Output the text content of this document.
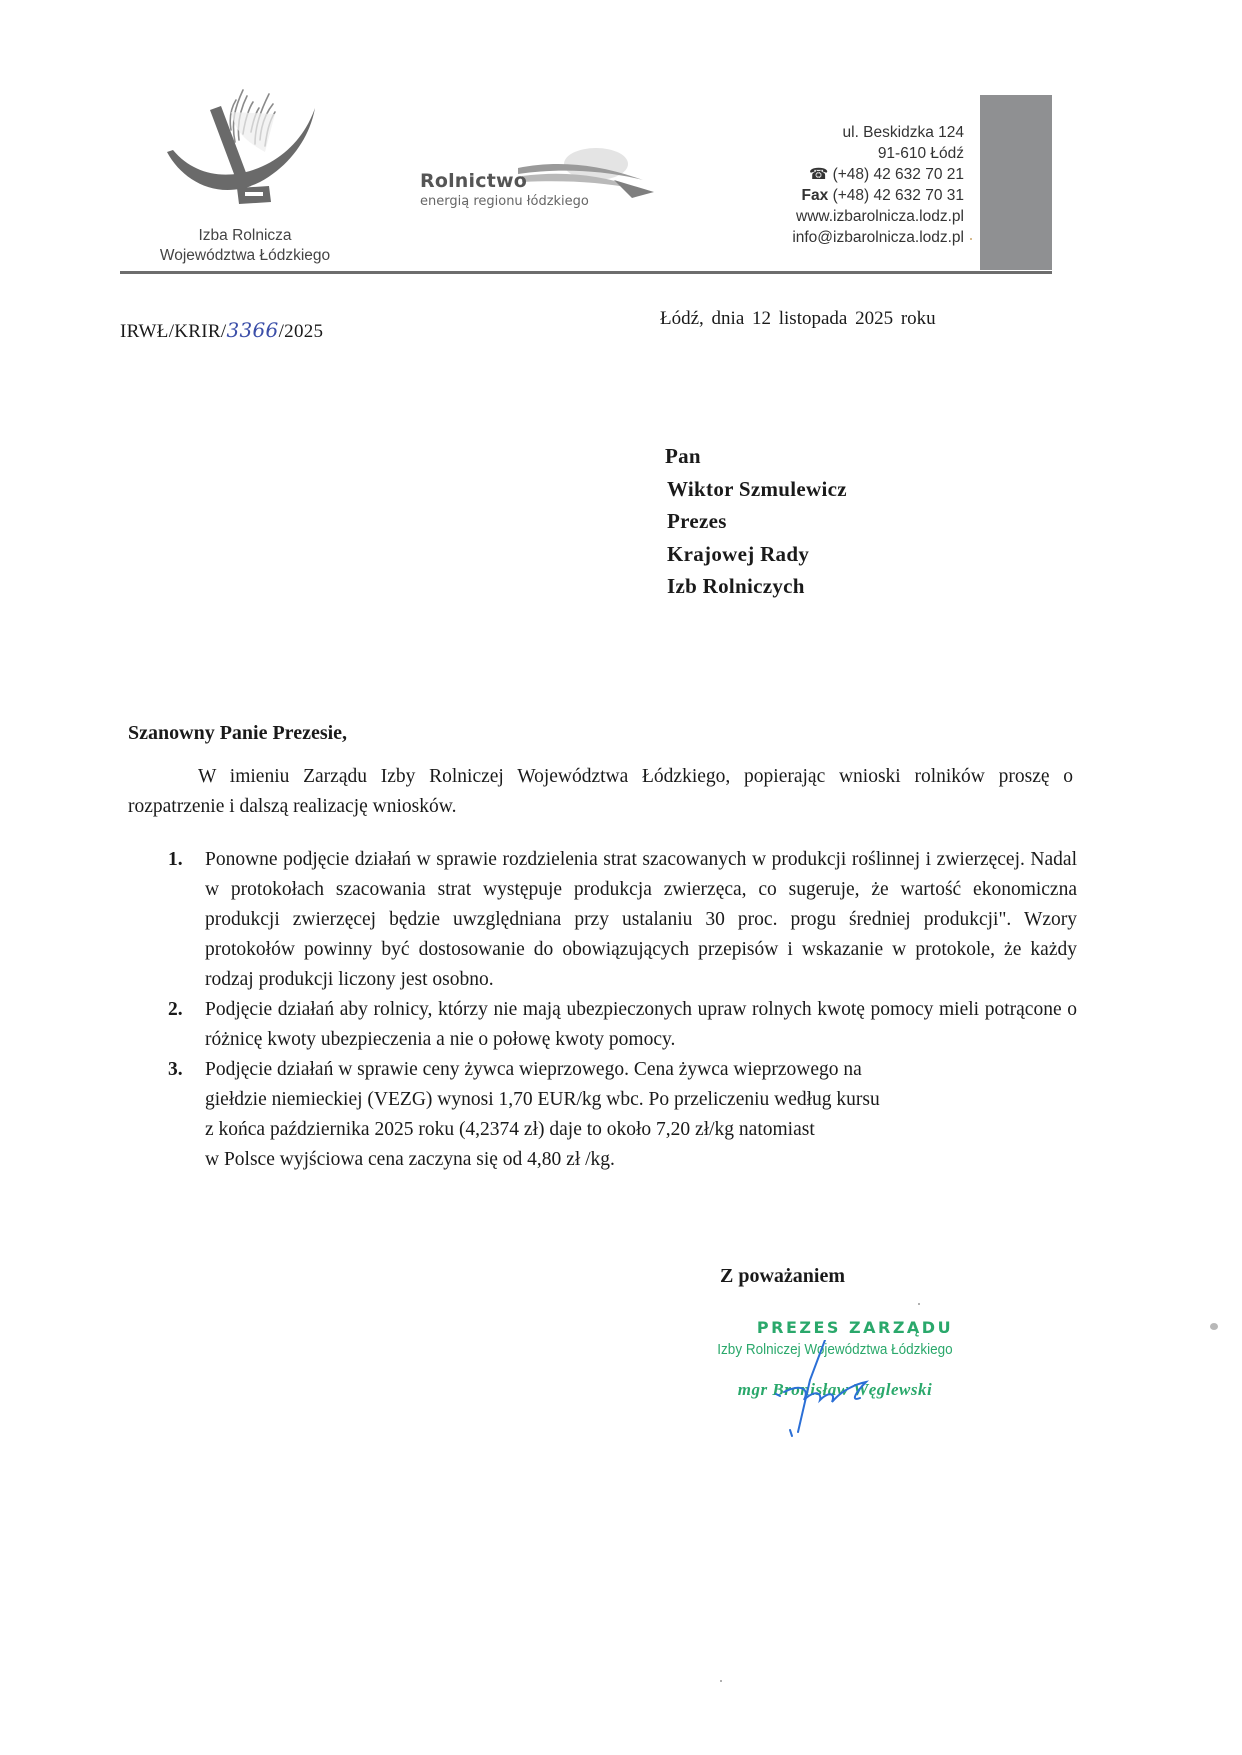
Izba Rolnicza
Województwa Łódzkiego
Rolnictwo
energią regionu łódzkiego
ul. Beskidzka 124
91-610 Łódź
☎ (+48) 42 632 70 21
Fax (+48) 42 632 70 31
www.izbarolnicza.lodz.pl
info@izbarolnicza.lodz.pl
IRWŁ/KRIR/3366/2025
Łódź, dnia 12 listopada 2025 roku
Pan
Wiktor Szmulewicz
Prezes
Krajowej Rady
Izb Rolniczych
Szanowny Panie Prezesie,

W imieniu Zarządu Izby Rolniczej Województwa Łódzkiego, popierając wnioski rolników proszę o rozpatrzenie i dalszą realizację wniosków.

1. Ponowne podjęcie działań w sprawie rozdzielenia strat szacowanych w produkcji roślinnej i zwierzęcej. Nadal w protokołach szacowania strat występuje produkcja zwierzęca, co sugeruje, że wartość ekonomiczna produkcji zwierzęcej będzie uwzględniana przy ustalaniu 30 proc. progu średniej produkcji". Wzory protokołów powinny być dostosowanie do obowiązujących przepisów i wskazanie w protokole, że każdy rodzaj produkcji liczony jest osobno.
2. Podjęcie działań aby rolnicy, którzy nie mają ubezpieczonych upraw rolnych kwotę pomocy mieli potrącone o różnicę kwoty ubezpieczenia a nie o połowę kwoty pomocy.
3. Podjęcie działań w sprawie ceny żywca wieprzowego. Cena żywca wieprzowego na
giełdzie niemieckiej (VEZG) wynosi 1,70 EUR/kg wbc. Po przeliczeniu według kursu
z końca października 2025 roku (4,2374 zł) daje to około 7,20 zł/kg natomiast
w Polsce wyjściowa cena zaczyna się od 4,80 zł /kg.
Z poważaniem
PREZES ZARZĄDU
Izby Rolniczej Województwa Łódzkiego
mgr Bronisław Węglewski
